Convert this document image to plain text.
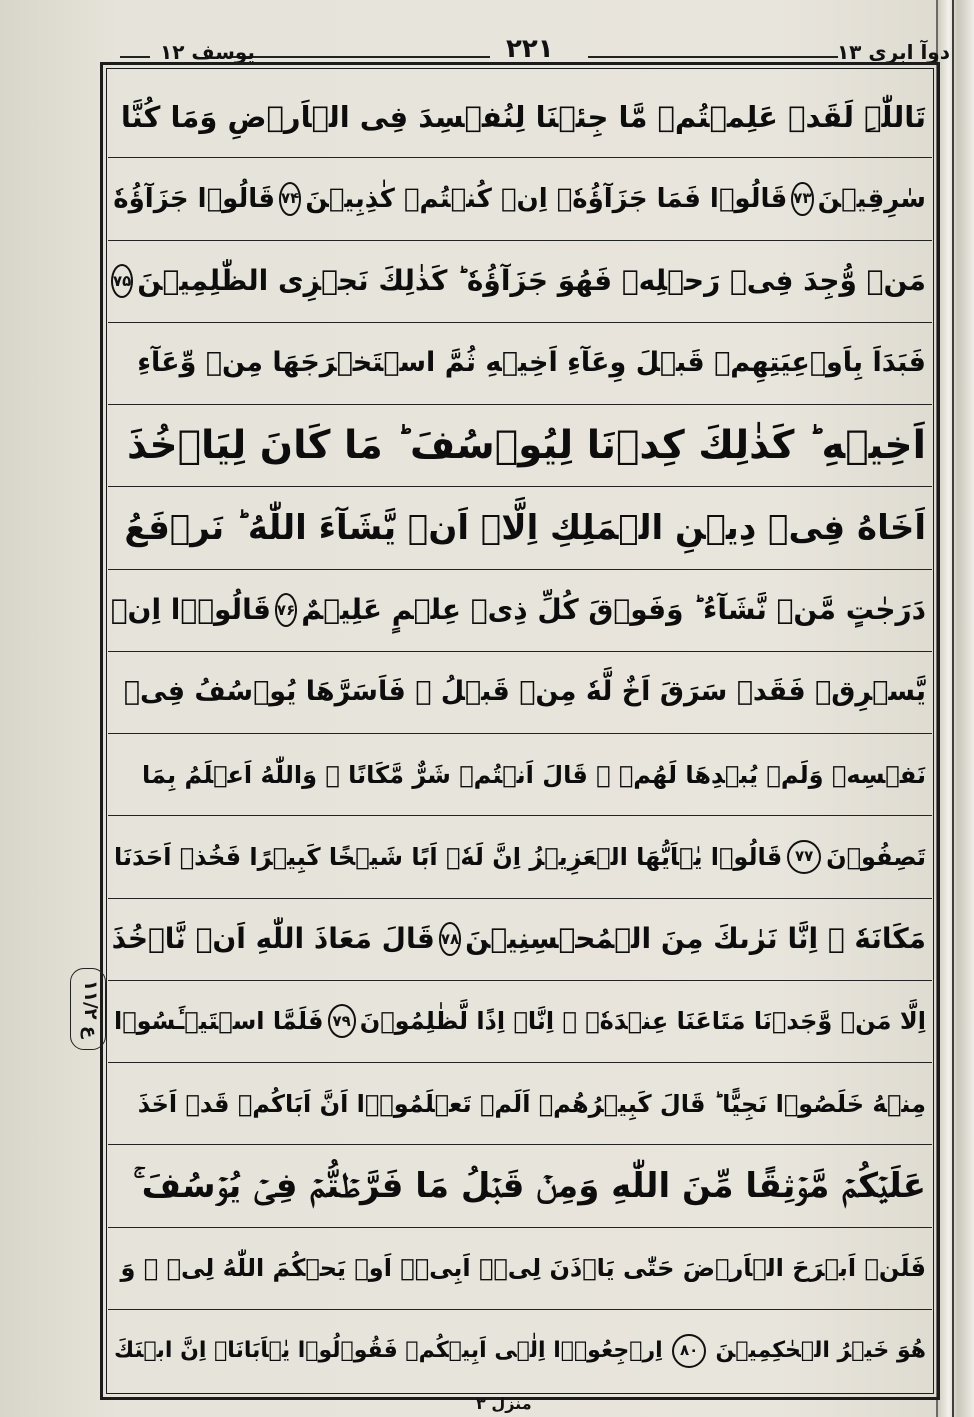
دوآ ابری ١٣
٢٢١
یوسف ١٢
تَاللّٰہِ لَقَدۡ عَلِمۡتُمۡ مَّا جِئۡنَا لِنُفۡسِدَ فِی الۡاَرۡضِ وَمَا كُنَّا
سٰرِقِیۡنَ
۷۳
قَالُوۡا فَمَا جَزَآؤُهٗۤ اِنۡ كُنۡتُمۡ كٰذِبِیۡنَ
۷۴
قَالُوۡا جَزَآؤُهٗ
مَنۡ وُّجِدَ فِیۡ رَحۡلِهٖ فَهُوَ جَزَآؤُهٗ ؕ كَذٰلِكَ نَجۡزِی الظّٰلِمِیۡنَ
۷۵
فَبَدَاَ بِاَوۡعِیَتِهِمۡ قَبۡلَ وِعَآءِ اَخِیۡهِ ثُمَّ اسۡتَخۡرَجَهَا مِنۡ وِّعَآءِ
اَخِیۡهِ ؕ كَذٰلِكَ كِدۡنَا لِیُوۡسُفَ ؕ مَا كَانَ لِیَاۡخُذَ
اَخَاهُ فِیۡ دِیۡنِ الۡمَلِكِ اِلَّاۤ اَنۡ یَّشَآءَ اللّٰهُ ؕ نَرۡفَعُ
دَرَجٰتٍ مَّنۡ نَّشَآءُ ؕ وَفَوۡقَ كُلِّ ذِیۡ عِلۡمٍ عَلِیۡمٌ
۷۶
قَالُوۡۤا اِنۡ
یَّسۡرِقۡ فَقَدۡ سَرَقَ اَخٌ لَّهٗ مِنۡ قَبۡلُ ۚ فَاَسَرَّهَا یُوۡسُفُ فِیۡ
نَفۡسِهٖ وَلَمۡ یُبۡدِهَا لَهُمۡ ۚ قَالَ اَنۡتُمۡ شَرٌّ مَّكَانًا ۚ وَاللّٰهُ اَعۡلَمُ بِمَا
تَصِفُوۡنَ
۷۷
قَالُوۡا یٰۤاَیُّهَا الۡعَزِیۡزُ اِنَّ لَهٗۤ اَبًا شَیۡخًا كَبِیۡرًا فَخُذۡ اَحَدَنَا
مَكَانَهٗ ۚ اِنَّا نَرٰىكَ مِنَ الۡمُحۡسِنِیۡنَ
۷۸
قَالَ مَعَاذَ اللّٰهِ اَنۡ نَّاۡخُذَ
اِلَّا مَنۡ وَّجَدۡنَا مَتَاعَنَا عِنۡدَهٗۤ ۙ اِنَّاۤ اِذًا لَّظٰلِمُوۡنَ
۷۹
فَلَمَّا اسۡتَیۡـَٔسُوۡا
مِنۡهُ خَلَصُوۡا نَجِیًّا ؕ قَالَ كَبِیۡرُهُمۡ اَلَمۡ تَعۡلَمُوۡۤا اَنَّ اَبَاكُمۡ قَدۡ اَخَذَ
عَلَیۡكُمۡ مَّوۡثِقًا مِّنَ اللّٰهِ وَمِنۡ قَبۡلُ مَا فَرَّطۡتُّمۡ فِیۡ یُوۡسُفَ ۚ
فَلَنۡ اَبۡرَحَ الۡاَرۡضَ حَتّٰی یَاۡذَنَ لِیۡۤ اَبِیۡۤ اَوۡ یَحۡكُمَ اللّٰهُ لِیۡ ۚ وَ
هُوَ خَیۡرُ الۡحٰكِمِیۡنَ
۸۰
اِرۡجِعُوۡۤا اِلٰۤی اَبِیۡكُمۡ فَقُوۡلُوۡا یٰۤاَبَانَاۤ اِنَّ ابۡنَكَ
ع ١١/٢
منزل ٣
